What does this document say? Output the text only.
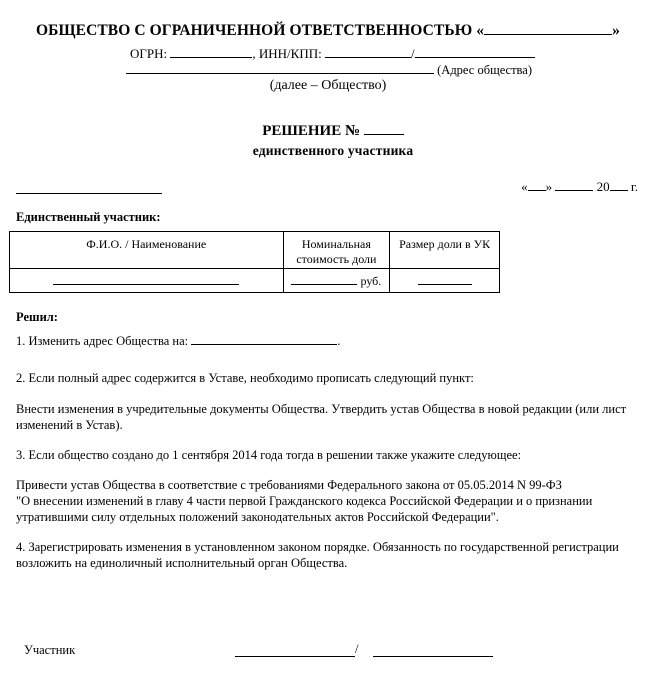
ОБЩЕСТВО С ОГРАНИЧЕННОЙ ОТВЕТСТВЕННОСТЬЮ «	»
ОГРН:	, ИНН/КПП:	/
(Адрес общества)
(далее – Общество)
РЕШЕНИЕ №
единственного участника
« »	20 г.
Единственный участник:
Ф.И.О. / Наименование	Номинальная стоимость доли	Размер доли в УК
	руб.	
Решил:
1. Изменить адрес Общества на:	.
2. Если полный адрес содержится в Уставе, необходимо прописать следующий пункт:
Внести изменения в учредительные документы Общества. Утвердить устав Общества в новой редакции (или лист изменений в Устав).
3. Если общество создано до 1 сентября 2014 года тогда в решении также укажите следующее:
Привести устав Общества в соответствие с требованиями Федерального закона от 05.05.2014 N 99-ФЗ
"О внесении изменений в главу 4 части первой Гражданского кодекса Российской Федерации и о признании утратившими силу отдельных положений законодательных актов Российской Федерации".
4. Зарегистрировать изменения в установленном законом порядке. Обязанность по государственной регистрации возложить на единоличный исполнительный орган Общества.
Участник	/
